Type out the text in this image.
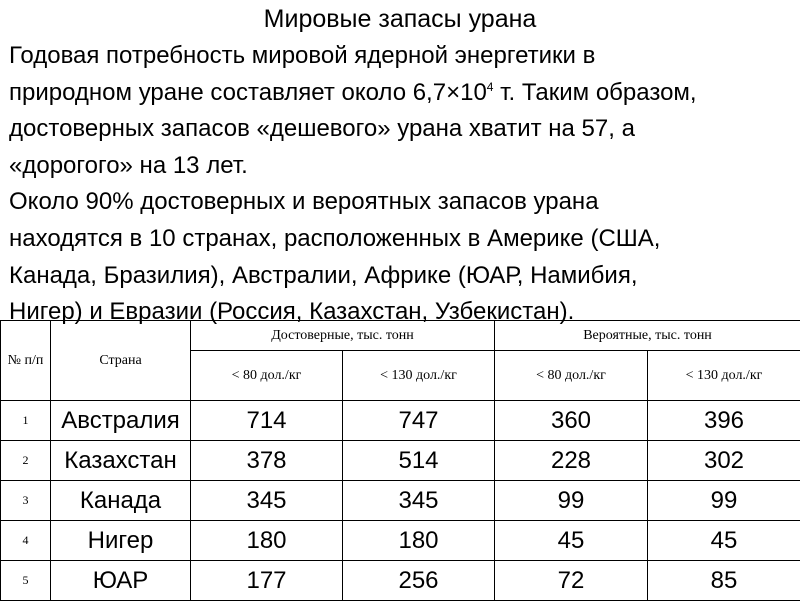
Мировые запасы урана

Годовая потребность мировой ядерной энергетики в

природном уране составляет около $6,7\times 10^4$ т. Таким образом,

достоверных запасов «дешевого» урана хватит на 57, а

«дорогого» на 13 лет.

Около 90% достоверных и вероятных запасов урана

находятся в 10 странах, расположенных в Америке (США,

Канада, Бразилия), Австралии, Африке (ЮАР, Намибия,

Нигер) и Евразии (Россия, Казахстан, Узбекистан).

№ п/п	Страна	Достоверные, тыс. тонн		Вероятные, тыс. тонн	
		< 80 дол./кг	< 130 дол./кг	< 80 дол./кг	< 130 дол./кг
1	Австралия	714	747	360	396
2	Казахстан	378	514	228	302
3	Канада	345	345	99	99
4	Нигер	180	180	45	45
5	ЮАР	177	256	72	85
